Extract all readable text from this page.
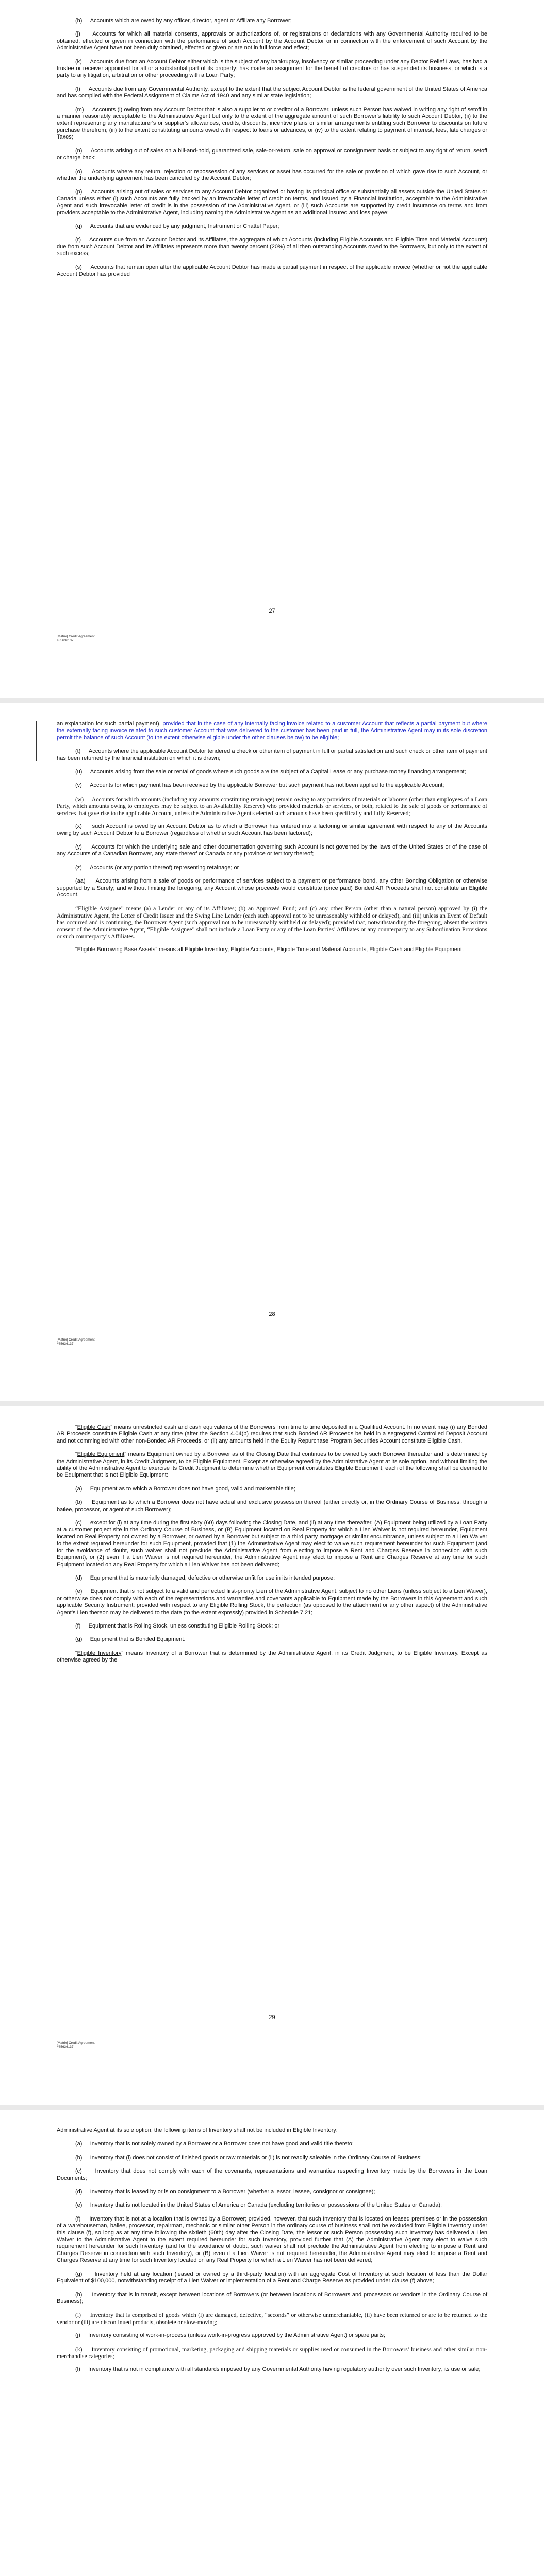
(h)     Accounts which are owed by any officer, director, agent or Affiliate any Borrower;

(j)     Accounts for which all material consents, approvals or authorizations of, or registrations or declarations with any Governmental Authority required to be obtained, effected or given in connection with the performance of such Account by the Account Debtor or in connection with the enforcement of such Account by the Administrative Agent have not been duly obtained, effected or given or are not in full force and effect;

(k)     Accounts due from an Account Debtor either which is the subject of any bankruptcy, insolvency or similar proceeding under any Debtor Relief Laws, has had a trustee or receiver appointed for all or a substantial part of its property; has made an assignment for the benefit of creditors or has suspended its business, or which is a party to any litigation, arbitration or other proceeding with a Loan Party;

(l)     Accounts due from any Governmental Authority, except to the extent that the subject Account Debtor is the federal government of the United States of America and has complied with the Federal Assignment of Claims Act of 1940 and any similar state legislation;

(m)     Accounts (i) owing from any Account Debtor that is also a supplier to or creditor of a Borrower, unless such Person has waived in writing any right of setoff in a manner reasonably acceptable to the Administrative Agent but only to the extent of the aggregate amount of such Borrower's liability to such Account Debtor, (ii) to the extent representing any manufacturer's or supplier's allowances, credits, discounts, incentive plans or similar arrangements entitling such Borrower to discounts on future purchase therefrom; (iii) to the extent constituting amounts owed with respect to loans or advances, or (iv) to the extent relating to payment of interest, fees, late charges or Taxes;

(n)     Accounts arising out of sales on a bill-and-hold, guaranteed sale, sale-or-return, sale on approval or consignment basis or subject to any right of return, setoff or charge back;

(o)     Accounts where any return, rejection or repossession of any services or asset has occurred for the sale or provision of which gave rise to such Account, or whether the underlying agreement has been canceled by the Account Debtor;

(p)     Accounts arising out of sales or services to any Account Debtor organized or having its principal office or substantially all assets outside the United States or Canada unless either (i) such Accounts are fully backed by an irrevocable letter of credit on terms, and issued by a Financial Institution, acceptable to the Administrative Agent and such irrevocable letter of credit is in the possession of the Administrative Agent, or (iii) such Accounts are supported by credit insurance on terms and from providers acceptable to the Administrative Agent, including naming the Administrative Agent as an additional insured and loss payee;

(q)     Accounts that are evidenced by any judgment, Instrument or Chattel Paper;

(r)     Accounts due from an Account Debtor and its Affiliates, the aggregate of which Accounts (including Eligible Accounts and Eligible Time and Material Accounts) due from such Account Debtor and its Affiliates represents more than twenty percent (20%) of all then outstanding Accounts owed to the Borrowers, but only to the extent of such excess;

(s)     Accounts that remain open after the applicable Account Debtor has made a partial payment in respect of the applicable invoice (whether or not the applicable Account Debtor has provided

27
[Matrix] Credit Agreement
#85636137

an explanation for such partial payment), provided that in the case of any internally facing invoice related to a customer Account that reflects a partial payment but where the externally facing invoice related to such customer Account that was delivered to the customer has been paid in full, the Administrative Agent may in its sole discretion permit the balance of such Account (to the extent otherwise eligible under the other clauses below) to be eligible;

(t)     Accounts where the applicable Account Debtor tendered a check or other item of payment in full or partial satisfaction and such check or other item of payment has been returned by the financial institution on which it is drawn;

(u)     Accounts arising from the sale or rental of goods where such goods are the subject of a Capital Lease or any purchase money financing arrangement;

(v)     Accounts for which payment has been received by the applicable Borrower but such payment has not been applied to the applicable Account;

(w)     Accounts for which amounts (including any amounts constituting retainage) remain owing to any providers of materials or laborers (other than employees of a Loan Party, which amounts owing to employees may be subject to an Availability Reserve) who provided materials or services, or both, related to the sale of goods or performance of services that gave rise to the applicable Account, unless the Administrative Agent's elected such amounts have been specifically and fully Reserved;

(x)     such Account is owed by an Account Debtor as to which a Borrower has entered into a factoring or similar agreement with respect to any of the Accounts owing by such Account Debtor to a Borrower (regardless of whether such Account has been factored);

(y)     Accounts for which the underlying sale and other documentation governing such Account is not governed by the laws of the United States or of the case of any Accounts of a Canadian Borrower, any state thereof or Canada or any province or territory thereof;

(z)     Accounts (or any portion thereof) representing retainage; or

(aa)     Accounts arising from a sale of goods or performance of services subject to a payment or performance bond, any other Bonding Obligation or otherwise supported by a Surety; and without limiting the foregoing, any Account whose proceeds would constitute (once paid) Bonded AR Proceeds shall not constitute an Eligible Account.

“Eligible Assignee” means (a) a Lender or any of its Affiliates; (b) an Approved Fund; and (c) any other Person (other than a natural person) approved by (i) the Administrative Agent, the Letter of Credit Issuer and the Swing Line Lender (each such approval not to be unreasonably withheld or delayed), and (iii) unless an Event of Default has occurred and is continuing, the Borrower Agent (such approval not to be unreasonably withheld or delayed); provided that, notwithstanding the foregoing, absent the written consent of the Administrative Agent, “Eligible Assignee” shall not include a Loan Party or any of the Loan Parties’ Affiliates or any counterparty to any Subordination Provisions or such counterparty’s Affiliates.

“Eligible Borrowing Base Assets” means all Eligible Inventory, Eligible Accounts, Eligible Time and Material Accounts, Eligible Cash and Eligible Equipment.

28
[Matrix] Credit Agreement
#85636137

“Eligible Cash” means unrestricted cash and cash equivalents of the Borrowers from time to time deposited in a Qualified Account. In no event may (i) any Bonded AR Proceeds constitute Eligible Cash at any time (after the Section 4.04(b) requires that such Bonded AR Proceeds be held in a segregated Controlled Deposit Account and not commingled with other non-Bonded AR Proceeds, or (ii) any amounts held in the Equity Repurchase Program Securities Account constitute Eligible Cash.

“Eligible Equipment” means Equipment owned by a Borrower as of the Closing Date that continues to be owned by such Borrower thereafter and is determined by the Administrative Agent, in its Credit Judgment, to be Eligible Equipment. Except as otherwise agreed by the Administrative Agent at its sole option, and without limiting the ability of the Administrative Agent to exercise its Credit Judgment to determine whether Equipment constitutes Eligible Equipment, each of the following shall be deemed to be Equipment that is not Eligible Equipment:

(a)     Equipment as to which a Borrower does not have good, valid and marketable title;

(b)     Equipment as to which a Borrower does not have actual and exclusive possession thereof (either directly or, in the Ordinary Course of Business, through a bailee, processor, or agent of such Borrower);

(c)     except for (i) at any time during the first sixty (60) days following the Closing Date, and (ii) at any time thereafter, (A) Equipment being utilized by a Loan Party at a customer project site in the Ordinary Course of Business, or (B) Equipment located on Real Property for which a Lien Waiver is not required hereunder, Equipment located on Real Property not owned by a Borrower, or owned by a Borrower but subject to a third party mortgage or similar encumbrance, unless subject to a Lien Waiver to the extent required hereunder for such Equipment, provided that (1) the Administrative Agent may elect to waive such requirement hereunder for such Equipment (and for the avoidance of doubt, such waiver shall not preclude the Administrative Agent from electing to impose a Rent and Charges Reserve in connection with such Equipment), or (2) even if a Lien Waiver is not required hereunder, the Administrative Agent may elect to impose a Rent and Charges Reserve at any time for such Equipment located on any Real Property for which a Lien Waiver has not been delivered;

(d)     Equipment that is materially damaged, defective or otherwise unfit for use in its intended purpose;

(e)     Equipment that is not subject to a valid and perfected first-priority Lien of the Administrative Agent, subject to no other Liens (unless subject to a Lien Waiver), or otherwise does not comply with each of the representations and warranties and covenants applicable to Equipment made by the Borrowers in this Agreement and such applicable Security Instrument; provided with respect to any Eligible Rolling Stock, the perfection (as opposed to the attachment or any other aspect) of the Administrative Agent’s Lien thereon may be delivered to the date (to the extent expressly) provided in Schedule 7.21;

(f)     Equipment that is Rolling Stock, unless constituting Eligible Rolling Stock; or

(g)     Equipment that is Bonded Equipment.

“Eligible Inventory” means Inventory of a Borrower that is determined by the Administrative Agent, in its Credit Judgment, to be Eligible Inventory. Except as otherwise agreed by the

29
[Matrix] Credit Agreement
#85636137

Administrative Agent at its sole option, the following items of Inventory shall not be included in Eligible Inventory:

(a)     Inventory that is not solely owned by a Borrower or a Borrower does not have good and valid title thereto;

(b)     Inventory that (i) does not consist of finished goods or raw materials or (ii) is not readily saleable in the Ordinary Course of Business;

(c)     Inventory that does not comply with each of the covenants, representations and warranties respecting Inventory made by the Borrowers in the Loan Documents;

(d)     Inventory that is leased by or is on consignment to a Borrower (whether a lessor, lessee, consignor or consignee);

(e)     Inventory that is not located in the United States of America or Canada (excluding territories or possessions of the United States or Canada);

(f)     Inventory that is not at a location that is owned by a Borrower; provided, however, that such Inventory that is located on leased premises or in the possession of a warehouseman, bailee, processor, repairman, mechanic or similar other Person in the ordinary course of business shall not be excluded from Eligible Inventory under this clause (f), so long as at any time following the sixtieth (60th) day after the Closing Date, the lessor or such Person possessing such Inventory has delivered a Lien Waiver to the Administrative Agent to the extent required hereunder for such Inventory, provided further that (A) the Administrative Agent may elect to waive such requirement hereunder for such Inventory (and for the avoidance of doubt, such waiver shall not preclude the Administrative Agent from electing to impose a Rent and Charges Reserve in connection with such Inventory), or (B) even if a Lien Waiver is not required hereunder, the Administrative Agent may elect to impose a Rent and Charges Reserve at any time for such Inventory located on any Real Property for which a Lien Waiver has not been delivered;

(g)     Inventory held at any location (leased or owned by a third-party location) with an aggregate Cost of Inventory at such location of less than the Dollar Equivalent of $100,000, notwithstanding receipt of a Lien Waiver or implementation of a Rent and Charge Reserve as provided under clause (f) above;

(h)     Inventory that is in transit, except between locations of Borrowers (or between locations of Borrowers and processors or vendors in the Ordinary Course of Business);

(i)     Inventory that is comprised of goods which (i) are damaged, defective, “seconds” or otherwise unmerchantable, (ii) have been returned or are to be returned to the vendor or (iii) are discontinued products, obsolete or slow-moving;

(j)     Inventory consisting of work-in-process (unless work-in-progress approved by the Administrative Agent) or spare parts;

(k)     Inventory consisting of promotional, marketing, packaging and shipping materials or supplies used or consumed in the Borrowers’ business and other similar non-merchandise categories;

(l)     Inventory that is not in compliance with all standards imposed by any Governmental Authority having regulatory authority over such Inventory, its use or sale;
